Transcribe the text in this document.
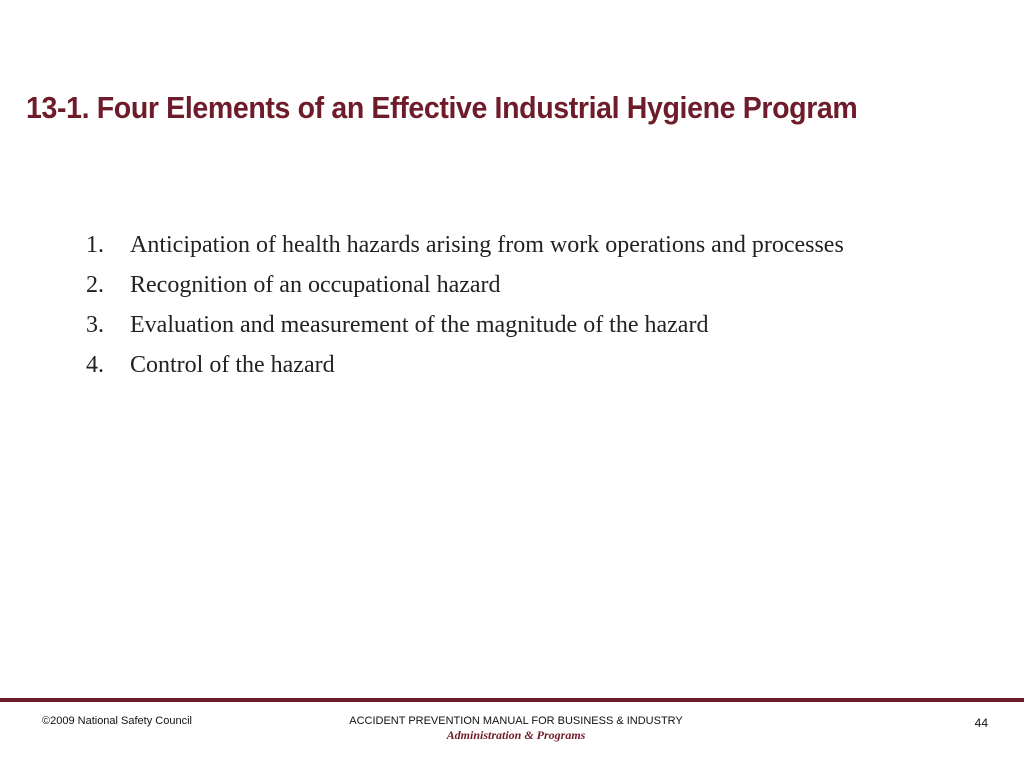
13-1. Four Elements of an Effective Industrial Hygiene Program
1.	Anticipation of health hazards arising from work operations and processes
2.	Recognition of an occupational hazard
3.	Evaluation and measurement of the magnitude of the hazard
4.	Control of the hazard
©2009 National Safety Council	ACCIDENT PREVENTION MANUAL FOR BUSINESS & INDUSTRY
Administration & Programs
44
